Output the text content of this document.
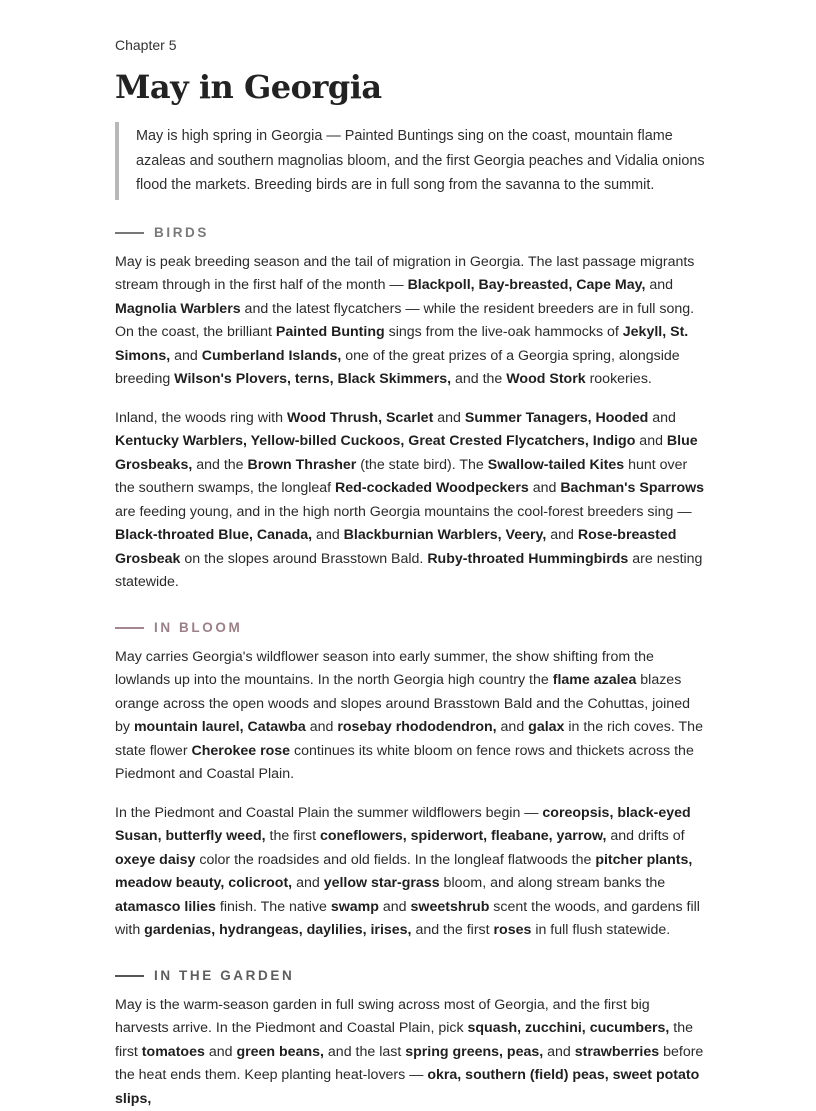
Chapter 5
May in Georgia
May is high spring in Georgia — Painted Buntings sing on the coast, mountain flame azaleas and southern magnolias bloom, and the first Georgia peaches and Vidalia onions flood the markets. Breeding birds are in full song from the savanna to the summit.
BIRDS

May is peak breeding season and the tail of migration in Georgia. The last passage migrants stream through in the first half of the month — Blackpoll, Bay-breasted, Cape May, and Magnolia Warblers and the latest flycatchers — while the resident breeders are in full song. On the coast, the brilliant Painted Bunting sings from the live-oak hammocks of Jekyll, St. Simons, and Cumberland Islands, one of the great prizes of a Georgia spring, alongside breeding Wilson's Plovers, terns, Black Skimmers, and the Wood Stork rookeries.

Inland, the woods ring with Wood Thrush, Scarlet and Summer Tanagers, Hooded and Kentucky Warblers, Yellow-billed Cuckoos, Great Crested Flycatchers, Indigo and Blue Grosbeaks, and the Brown Thrasher (the state bird). The Swallow-tailed Kites hunt over the southern swamps, the longleaf Red-cockaded Woodpeckers and Bachman's Sparrows are feeding young, and in the high north Georgia mountains the cool-forest breeders sing — Black-throated Blue, Canada, and Blackburnian Warblers, Veery, and Rose-breasted Grosbeak on the slopes around Brasstown Bald. Ruby-throated Hummingbirds are nesting statewide.

IN BLOOM

May carries Georgia's wildflower season into early summer, the show shifting from the lowlands up into the mountains. In the north Georgia high country the flame azalea blazes orange across the open woods and slopes around Brasstown Bald and the Cohuttas, joined by mountain laurel, Catawba and rosebay rhododendron, and galax in the rich coves. The state flower Cherokee rose continues its white bloom on fence rows and thickets across the Piedmont and Coastal Plain.

In the Piedmont and Coastal Plain the summer wildflowers begin — coreopsis, black-eyed Susan, butterfly weed, the first coneflowers, spiderwort, fleabane, yarrow, and drifts of oxeye daisy color the roadsides and old fields. In the longleaf flatwoods the pitcher plants, meadow beauty, colicroot, and yellow star-grass bloom, and along stream banks the atamasco lilies finish. The native swamp and sweetshrub scent the woods, and gardens fill with gardenias, hydrangeas, daylilies, irises, and the first roses in full flush statewide.

IN THE GARDEN

May is the warm-season garden in full swing across most of Georgia, and the first big harvests arrive. In the Piedmont and Coastal Plain, pick squash, zucchini, cucumbers, the first tomatoes and green beans, and the last spring greens, peas, and strawberries before the heat ends them. Keep planting heat-lovers — okra, southern (field) peas, sweet potato slips,
